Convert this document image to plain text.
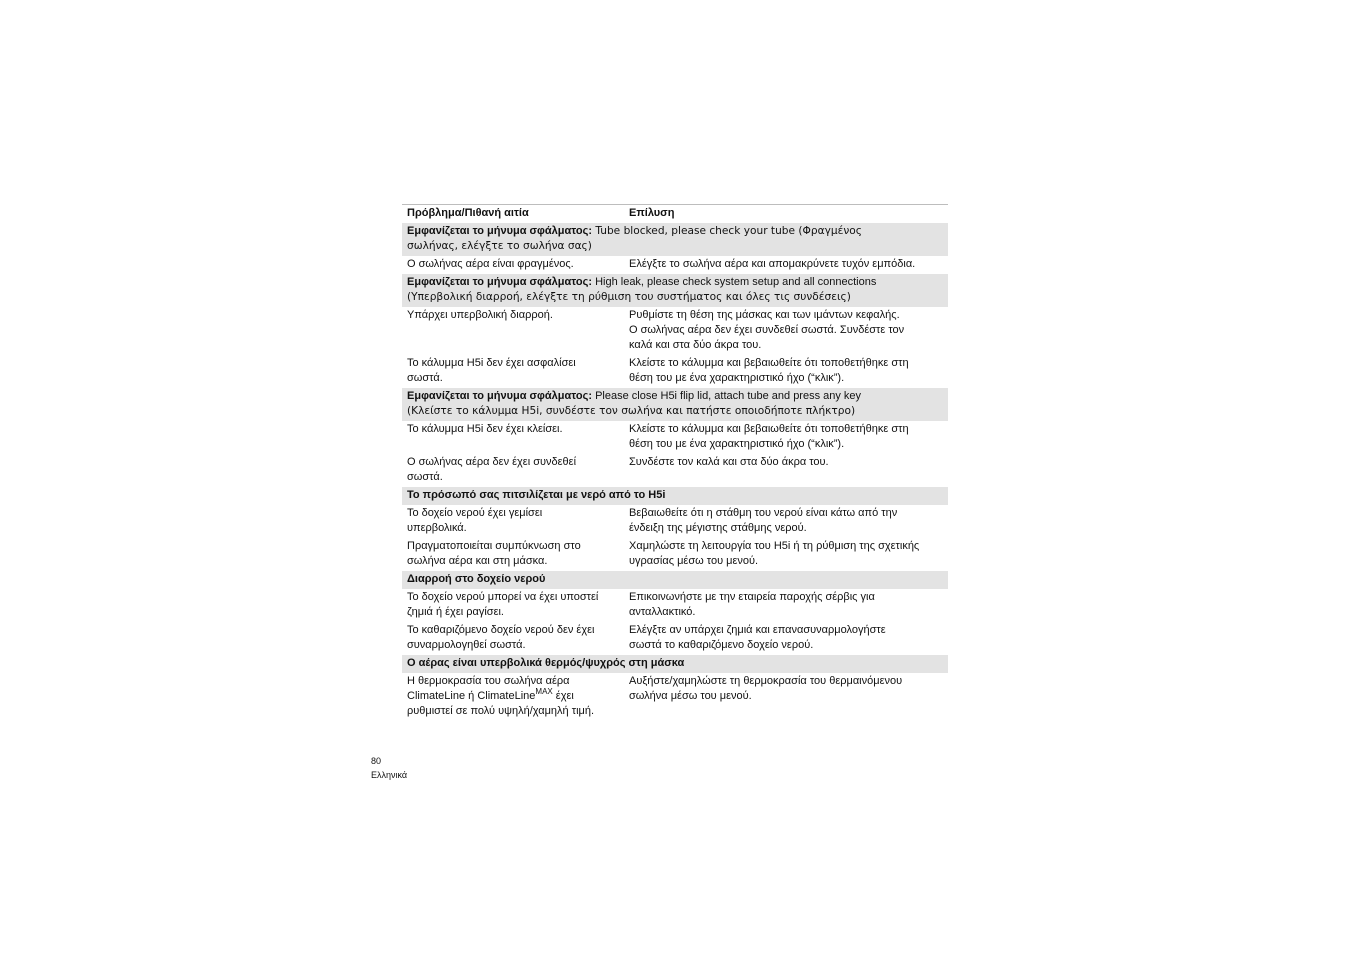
Πρόβλημα/Πιθανή αιτία	Επίλυση
Εμφανίζεται το μήνυμα σφάλματος: Tube blocked, please check your tube (Φραγμένος
σωλήνας, ελέγξτε το σωλήνα σας)	

Ο σωλήνας αέρα είναι φραγμένος.	Ελέγξτε το σωλήνα αέρα και απομακρύνετε τυχόν εμπόδια.
Εμφανίζεται το μήνυμα σφάλματος: High leak, please check system setup and all connections
(Υπερβολική διαρροή, ελέγξτε τη ρύθμιση του συστήματος και όλες τις συνδέσεις)	

Υπάρχει υπερβολική διαρροή.	Ρυθμίστε τη θέση της μάσκας και των ιμάντων κεφαλής.
Ο σωλήνας αέρα δεν έχει συνδεθεί σωστά. Συνδέστε τον
καλά και στα δύο άκρα του.

Το κάλυμμα H5i δεν έχει ασφαλίσει
σωστά.	Κλείστε το κάλυμμα και βεβαιωθείτε ότι τοποθετήθηκε στη
θέση του με ένα χαρακτηριστικό ήχο (“κλικ”).

Εμφανίζεται το μήνυμα σφάλματος: Please close H5i flip lid, attach tube and press any key
(Κλείστε το κάλυμμα H5i, συνδέστε τον σωλήνα και πατήστε οποιοδήποτε πλήκτρο)	

Το κάλυμμα H5i δεν έχει κλείσει.	Κλείστε το κάλυμμα και βεβαιωθείτε ότι τοποθετήθηκε στη
θέση του με ένα χαρακτηριστικό ήχο (“κλικ”).

Ο σωλήνας αέρα δεν έχει συνδεθεί
σωστά.	Συνδέστε τον καλά και στα δύο άκρα του.
Το πρόσωπό σας πιτσιλίζεται με νερό από το H5i	

Το δοχείο νερού έχει γεμίσει
υπερβολικά.	Βεβαιωθείτε ότι η στάθμη του νερού είναι κάτω από την
ένδειξη της μέγιστης στάθμης νερού.

Πραγματοποιείται συμπύκνωση στο
σωλήνα αέρα και στη μάσκα.	Χαμηλώστε τη λειτουργία του H5i ή τη ρύθμιση της σχετικής
υγρασίας μέσω του μενού.

Διαρροή στο δοχείο νερού	

Το δοχείο νερού μπορεί να έχει υποστεί
ζημιά ή έχει ραγίσει.	Επικοινωνήστε με την εταιρεία παροχής σέρβις για
ανταλλακτικό.

Το καθαριζόμενο δοχείο νερού δεν έχει
συναρμολογηθεί σωστά.	Ελέγξτε αν υπάρχει ζημιά και επανασυναρμολογήστε
σωστά το καθαριζόμενο δοχείο νερού.

Ο αέρας είναι υπερβολικά θερμός/ψυχρός στη μάσκα	

Η θερμοκρασία του σωλήνα αέρα
ClimateLine ή ClimateLine$^{MAX}$ έχει
ρυθμιστεί σε πολύ υψηλή/χαμηλή τιμή.	Αυξήστε/χαμηλώστε τη θερμοκρασία του θερμαινόμενου
σωλήνα μέσω του μενού.
80
Ελληνικά
